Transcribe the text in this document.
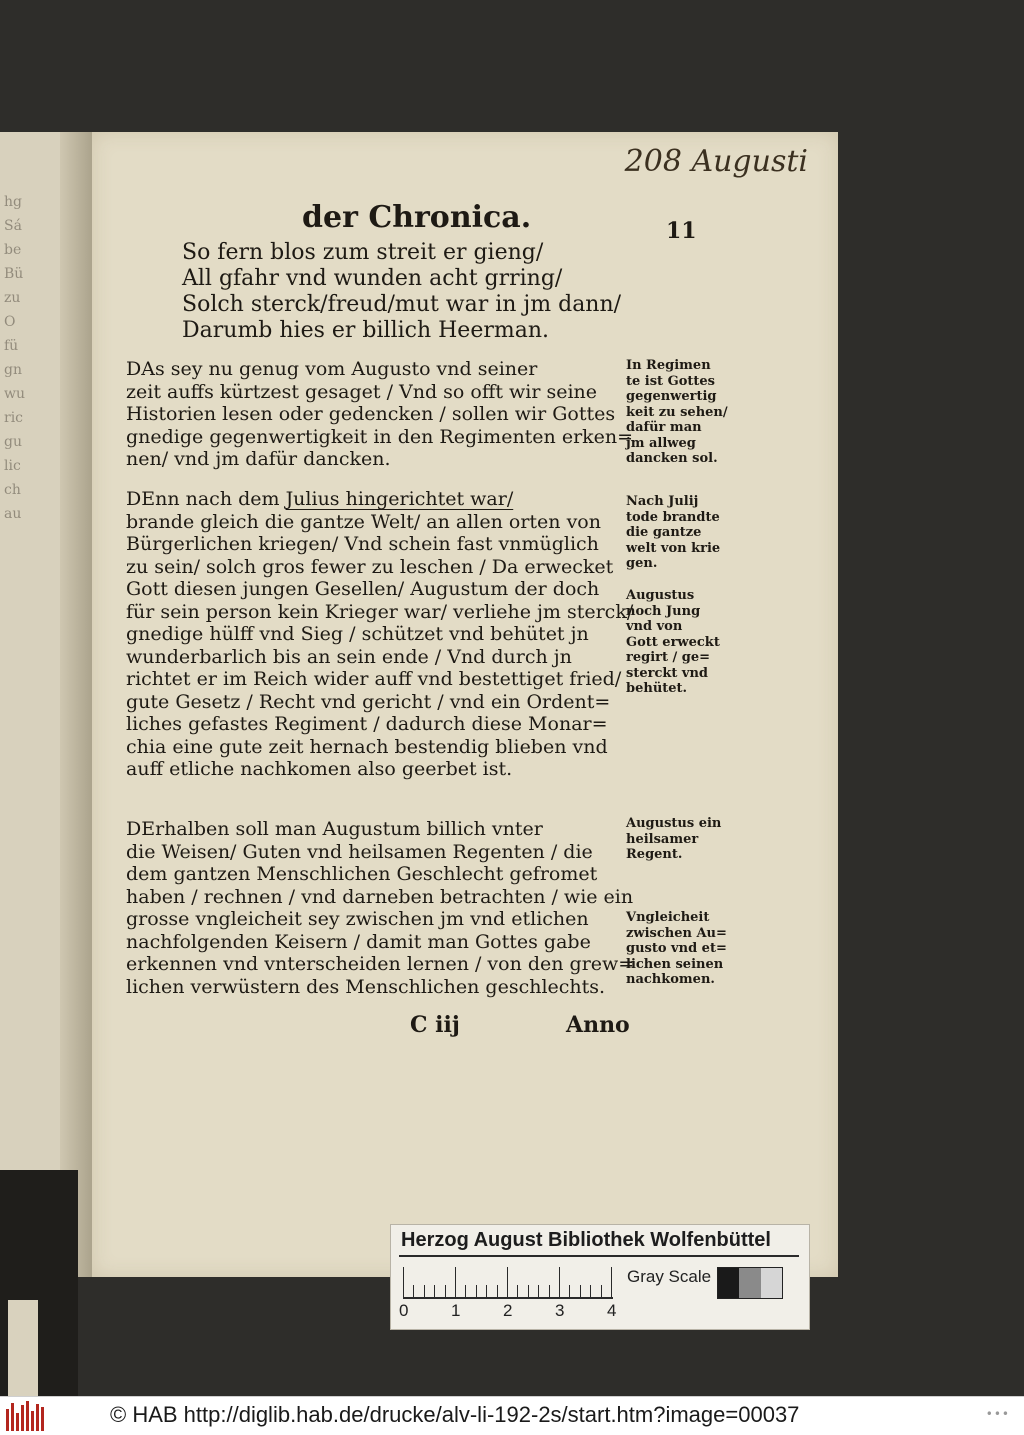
208 Augusti
der Chronica.	11
So fern blos zum streit er gieng/
All gfahr vnd wunden acht grring/
Solch sterck/freud/mut war in jm dann/
Darumb hies er billich Heerman.
DAs sey nu genug vom Augusto vnd seiner
zeit auffs kürtzest gesaget / Vnd so offt wir seine
Historien lesen oder gedencken / sollen wir Gottes
gnedige gegenwertigkeit in den Regimenten erken=
nen/ vnd jm dafür dancken.
In Regimen
te ist Gottes
gegenwertig
keit zu sehen/
dafür man
jm allweg
dancken sol.
DEnn nach dem Julius hingerichtet war/
brande gleich die gantze Welt/ an allen orten von
Bürgerlichen kriegen/ Vnd schein fast vnmüglich
zu sein/ solch gros fewer zu leschen / Da erwecket
Gott diesen jungen Gesellen/ Augustum der doch
für sein person kein Krieger war/ verliehe jm sterck/
gnedige hülff vnd Sieg / schützet vnd behütet jn
wunderbarlich bis an sein ende / Vnd durch jn
richtet er im Reich wider auff vnd bestettiget fried/
gute Gesetz / Recht vnd gericht / vnd ein Ordent=
liches gefastes Regiment / dadurch diese Monar=
chia eine gute zeit hernach bestendig blieben vnd
auff etliche nachkomen also geerbet ist.
Nach Julij
tode brandte
die gantze
welt von krie
gen.
Augustus
noch Jung
vnd von
Gott erweckt
regirt / ge=
sterckt vnd
behütet.
DErhalben soll man Augustum billich vnter
die Weisen/ Guten vnd heilsamen Regenten / die
dem gantzen Menschlichen Geschlecht gefromet
haben / rechnen / vnd darneben betrachten / wie ein
grosse vngleicheit sey zwischen jm vnd etlichen
nachfolgenden Keisern / damit man Gottes gabe
erkennen vnd vnterscheiden lernen / von den grew=
lichen verwüstern des Menschlichen geschlechts.
Augustus ein
heilsamer
Regent.
Vngleicheit
zwischen Au=
gusto vnd et=
lichen seinen
nachkomen.
C iij	Anno
Herzog August Bibliothek Wolfenbüttel
0	1	2	3	4
Gray Scale
© HAB http://diglib.hab.de/drucke/alv-li-192-2s/start.htm?image=00037	•••
hg
Sá
be
Bü
zu
O
fü
gn
wu
ric
gu
lic
ch
au
